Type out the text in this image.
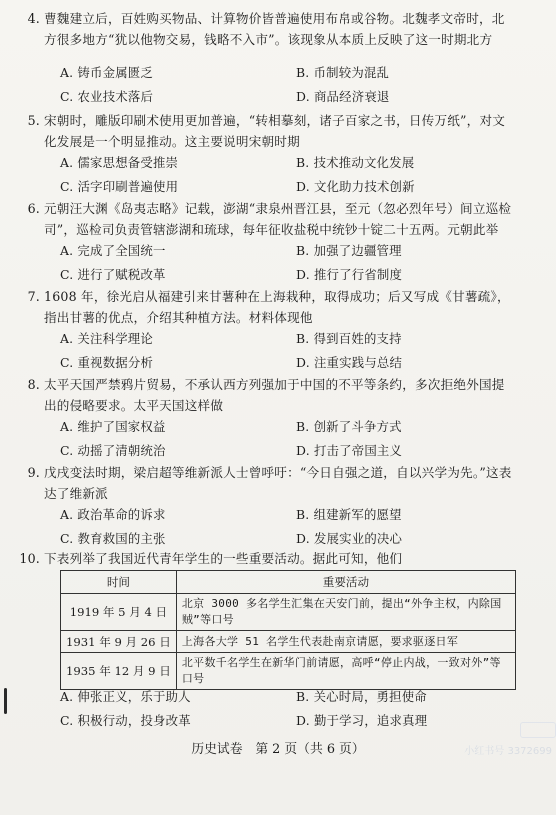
4. 曹魏建立后，百姓购买物品、计算物价皆普遍使用布帛或谷物。北魏孝文帝时，北方很多地方“犹以他物交易，钱略不入市”。该现象从本质上反映了这一时期北方
A. 铸币金属匮乏	B. 币制较为混乱
C. 农业技术落后	D. 商品经济衰退
5. 宋朝时，雕版印刷术使用更加普遍，“转相摹刻，诸子百家之书，日传万纸”，对文化发展是一个明显推动。这主要说明宋朝时期
A. 儒家思想备受推崇	B. 技术推动文化发展
C. 活字印刷普遍使用	D. 文化助力技术创新
6. 元朝汪大渊《岛夷志略》记载，澎湖“隶泉州晋江县，至元（忽必烈年号）间立巡检司”，巡检司负责管辖澎湖和琉球，每年征收盐税中统钞十锭二十五两。元朝此举
A. 完成了全国统一	B. 加强了边疆管理
C. 进行了赋税改革	D. 推行了行省制度
7. 1608 年，徐光启从福建引来甘薯种在上海栽种，取得成功；后又写成《甘薯疏》，指出甘薯的优点，介绍其种植方法。材料体现他
A. 关注科学理论	B. 得到百姓的支持
C. 重视数据分析	D. 注重实践与总结
8. 太平天国严禁鸦片贸易，不承认西方列强加于中国的不平等条约，多次拒绝外国提出的侵略要求。太平天国这样做
A. 维护了国家权益	B. 创新了斗争方式
C. 动摇了清朝统治	D. 打击了帝国主义
9. 戊戌变法时期，梁启超等维新派人士曾呼吁：“今日自强之道，自以兴学为先。”这表达了维新派
A. 政治革命的诉求	B. 组建新军的愿望
C. 教育救国的主张	D. 发展实业的决心
10. 下表列举了我国近代青年学生的一些重要活动。据此可知，他们
时间	重要活动
1919 年 5 月 4 日	北京 3000 多名学生汇集在天安门前，提出“外争主权，内除国贼”等口号
1931 年 9 月 26 日	上海各大学 51 名学生代表赴南京请愿，要求驱逐日军
1935 年 12 月 9 日	北平数千名学生在新华门前请愿，高呼“停止内战，一致对外”等口号
A. 伸张正义，乐于助人	B. 关心时局，勇担使命
C. 积极行动，投身改革	D. 勤于学习，追求真理
历史试卷　第 2 页（共 6 页）	小红书号 3372699
